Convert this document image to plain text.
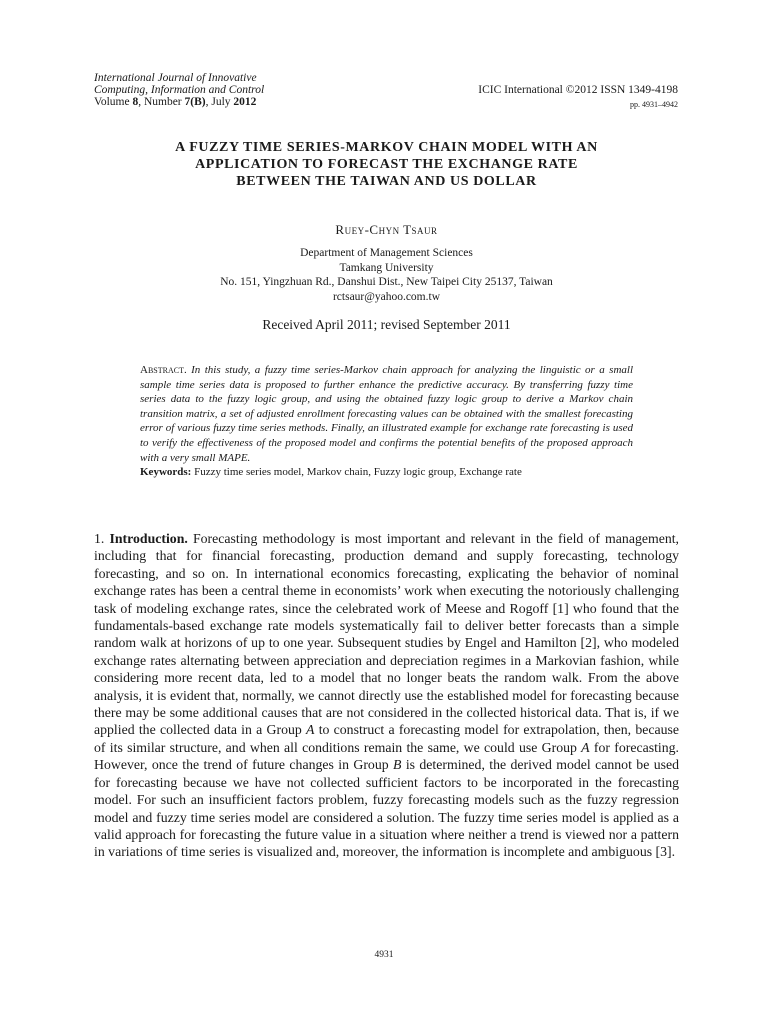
International Journal of Innovative
Computing, Information and Control
Volume 8, Number 7(B), July 2012
ICIC International ©2012 ISSN 1349-4198
pp. 4931–4942
A FUZZY TIME SERIES-MARKOV CHAIN MODEL WITH AN
APPLICATION TO FORECAST THE EXCHANGE RATE
BETWEEN THE TAIWAN AND US DOLLAR
Ruey-Chyn Tsaur
Department of Management Sciences
Tamkang University
No. 151, Yingzhuan Rd., Danshui Dist., New Taipei City 25137, Taiwan
rctsaur@yahoo.com.tw
Received April 2011; revised September 2011
Abstract. In this study, a fuzzy time series-Markov chain approach for analyzing the linguistic or a small sample time series data is proposed to further enhance the predictive accuracy. By transferring fuzzy time series data to the fuzzy logic group, and using the obtained fuzzy logic group to derive a Markov chain transition matrix, a set of adjusted enrollment forecasting values can be obtained with the smallest forecasting error of various fuzzy time series methods. Finally, an illustrated example for exchange rate forecasting is used to verify the effectiveness of the proposed model and confirms the potential benefits of the proposed approach with a very small MAPE.
Keywords: Fuzzy time series model, Markov chain, Fuzzy logic group, Exchange rate
1. Introduction. Forecasting methodology is most important and relevant in the field of management, including that for financial forecasting, production demand and supply forecasting, technology forecasting, and so on. In international economics forecasting, explicating the behavior of nominal exchange rates has been a central theme in economists’ work when executing the notoriously challenging task of modeling exchange rates, since the celebrated work of Meese and Rogoff [1] who found that the fundamentals-based exchange rate models systematically fail to deliver better forecasts than a simple random walk at horizons of up to one year. Subsequent studies by Engel and Hamilton [2], who modeled exchange rates alternating between appreciation and depreciation regimes in a Markovian fashion, while considering more recent data, led to a model that no longer beats the random walk. From the above analysis, it is evident that, normally, we cannot directly use the established model for forecasting because there may be some additional causes that are not considered in the collected historical data. That is, if we applied the collected data in a Group A to construct a forecasting model for extrapolation, then, because of its similar structure, and when all conditions remain the same, we could use Group A for forecasting. However, once the trend of future changes in Group B is determined, the derived model cannot be used for forecasting because we have not collected sufficient factors to be incorporated in the forecasting model. For such an insufficient factors problem, fuzzy forecasting models such as the fuzzy regression model and fuzzy time series model are considered a solution. The fuzzy time series model is applied as a valid approach for forecasting the future value in a situation where neither a trend is viewed nor a pattern in variations of time series is visualized and, moreover, the information is incomplete and ambiguous [3].
4931
